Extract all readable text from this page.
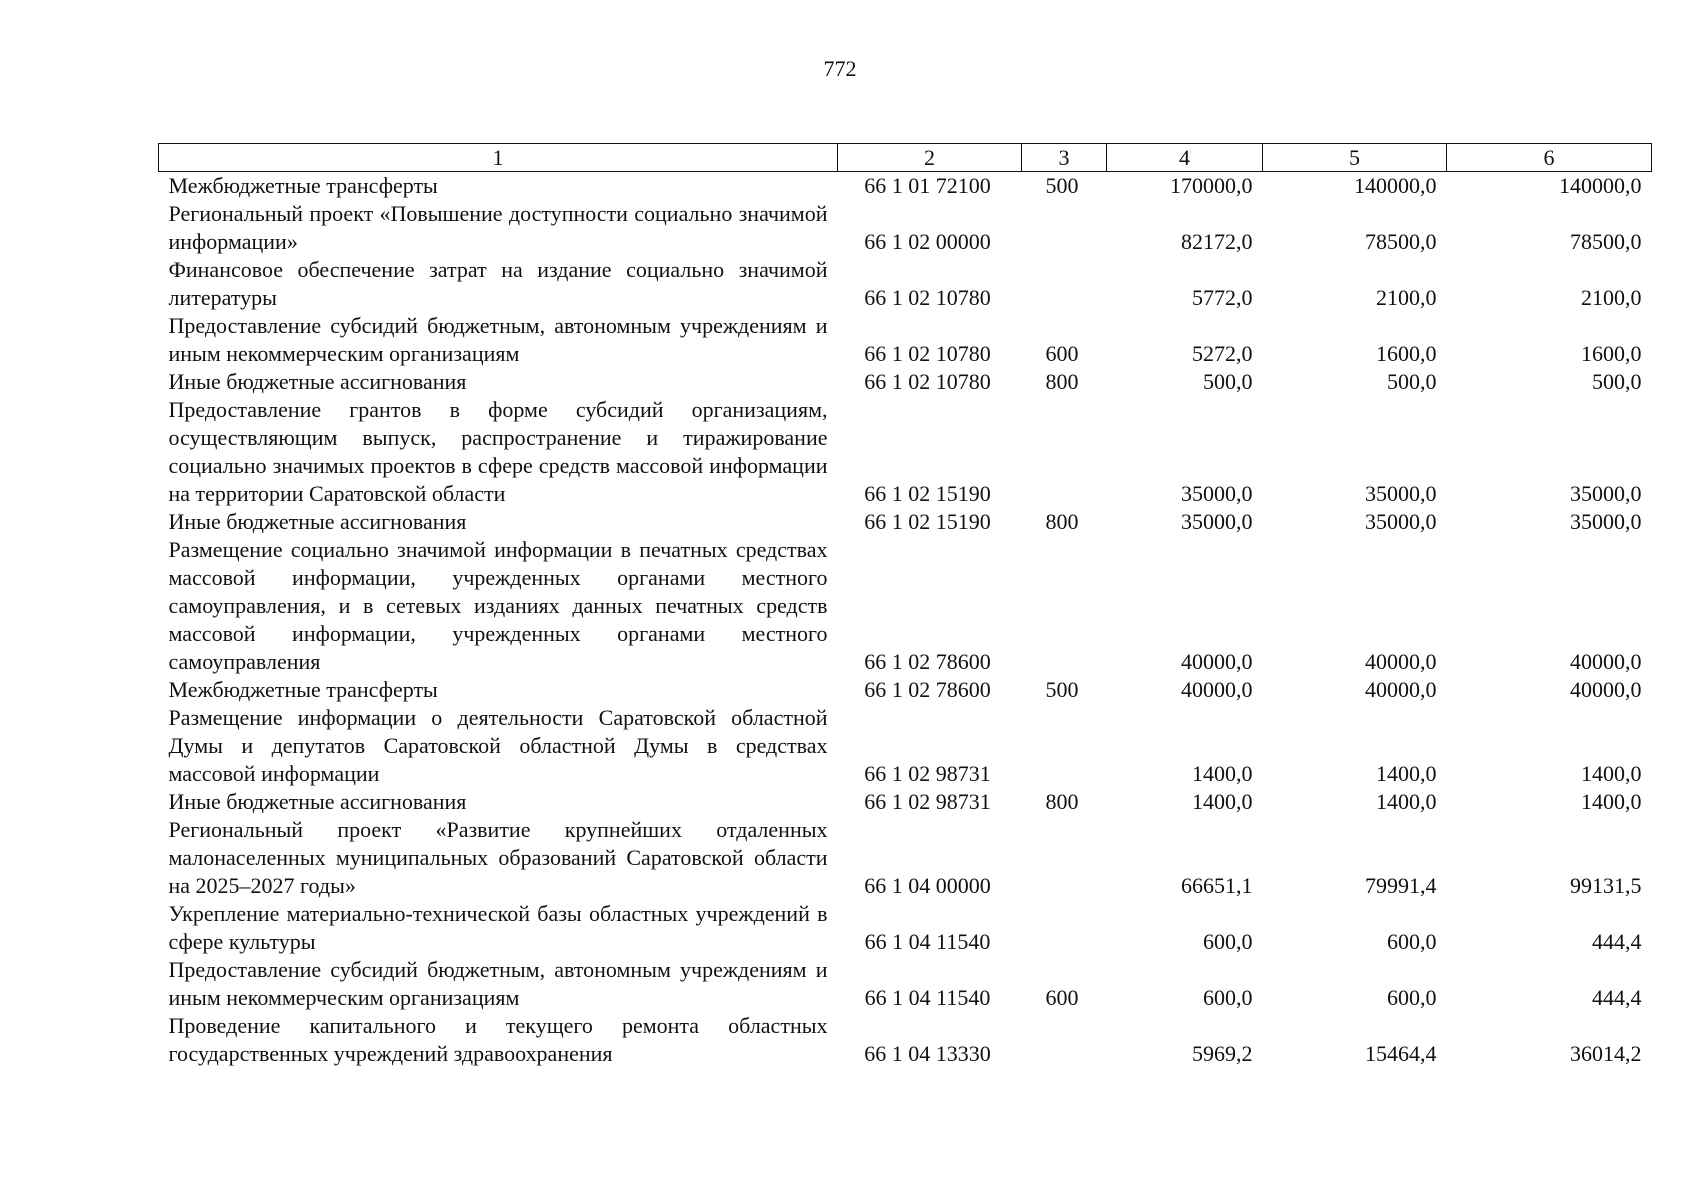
772
1	2	3	4	5	6
Межбюджетные трансферты	66 1 01 72100	500	170000,0	140000,0	140000,0
Региональный проект «Повышение доступности социально значимой информации»	66 1 02 00000		82172,0	78500,0	78500,0
Финансовое обеспечение затрат на издание социально значимой литературы	66 1 02 10780		5772,0	2100,0	2100,0
Предоставление субсидий бюджетным, автономным учреждениям и иным некоммерческим организациям	66 1 02 10780	600	5272,0	1600,0	1600,0
Иные бюджетные ассигнования	66 1 02 10780	800	500,0	500,0	500,0
Предоставление грантов в форме субсидий организациям, осуществляющим выпуск, распространение и тиражирование социально значимых проектов в сфере средств массовой информации на территории Саратовской области	66 1 02 15190		35000,0	35000,0	35000,0
Иные бюджетные ассигнования	66 1 02 15190	800	35000,0	35000,0	35000,0
Размещение социально значимой информации в печатных средствах массовой информации, учрежденных органами местного самоуправления, и в сетевых изданиях данных печатных средств массовой информации, учрежденных органами местного самоуправления	66 1 02 78600		40000,0	40000,0	40000,0
Межбюджетные трансферты	66 1 02 78600	500	40000,0	40000,0	40000,0
Размещение информации о деятельности Саратовской областной Думы и депутатов Саратовской областной Думы в средствах массовой информации	66 1 02 98731		1400,0	1400,0	1400,0
Иные бюджетные ассигнования	66 1 02 98731	800	1400,0	1400,0	1400,0
Региональный проект «Развитие крупнейших отдаленных малонаселенных муниципальных образований Саратовской области на 2025–2027 годы»	66 1 04 00000		66651,1	79991,4	99131,5
Укрепление материально-технической базы областных учреждений в сфере культуры	66 1 04 11540		600,0	600,0	444,4
Предоставление субсидий бюджетным, автономным учреждениям и иным некоммерческим организациям	66 1 04 11540	600	600,0	600,0	444,4
Проведение капитального и текущего ремонта областных государственных учреждений здравоохранения	66 1 04 13330		5969,2	15464,4	36014,2
